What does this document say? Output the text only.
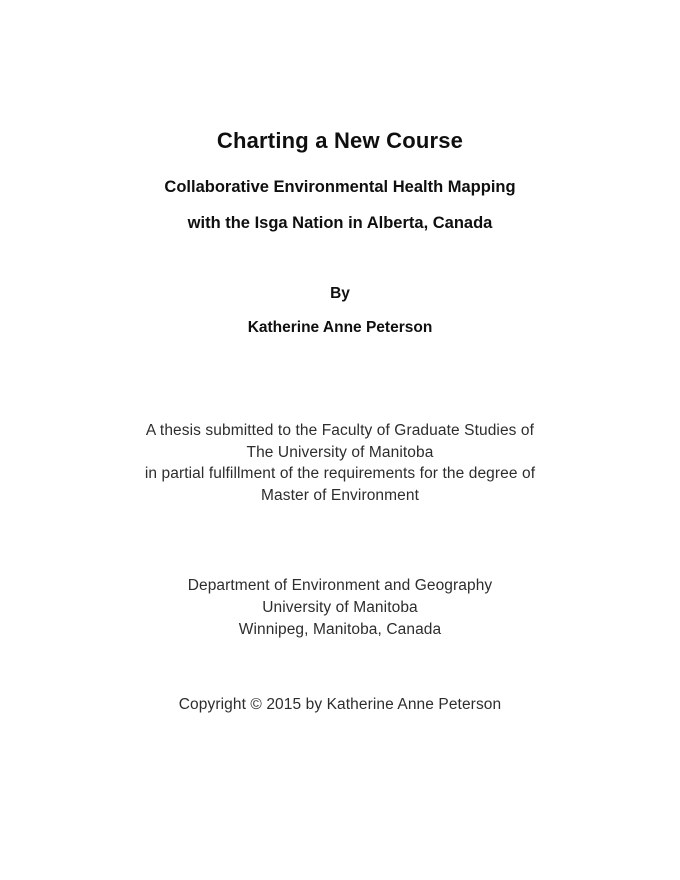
Charting a New Course
Collaborative Environmental Health Mapping
with the Isga Nation in Alberta, Canada
By
Katherine Anne Peterson
A thesis submitted to the Faculty of Graduate Studies of
The University of Manitoba
in partial fulfillment of the requirements for the degree of
Master of Environment
Department of Environment and Geography
University of Manitoba
Winnipeg, Manitoba, Canada
Copyright © 2015 by Katherine Anne Peterson
